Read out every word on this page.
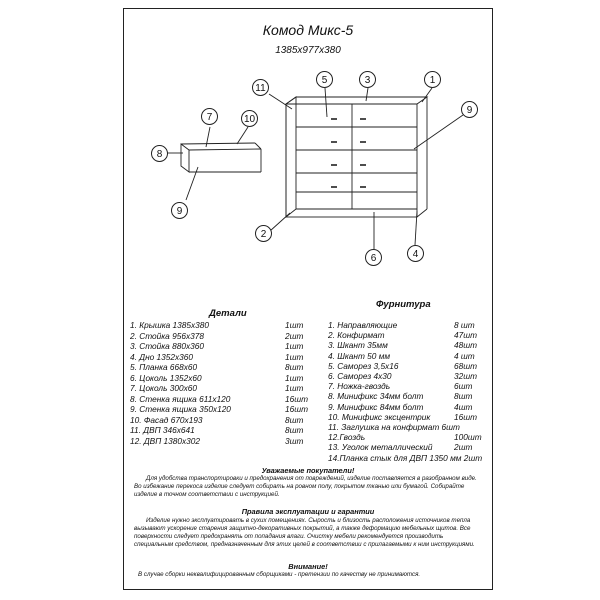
Комод Микс-5
1385х977х380
1
3
5
11
9
7	10
8
9
2
6	4
Детали
1. Крышка 1385х380	1шт
2. Стойка 956х378	2шт
3. Стойка 880х360	1шт
4. Дно 1352х360	1шт
5. Планка 668х60	8шт
6. Цоколь 1352х60	1шт
7. Цоколь 300х60	1шт
8. Стенка ящика 611х120	16шт
9. Стенка ящика 350х120	16шт
10. Фасад 670х193	8шт
11. ДВП 346х641	8шт
12. ДВП 1380х302	3шт
Фурнитура
1. Направляющие	8 шт
2. Конфирмат	47шт
3. Шкант 35мм	48шт
4. Шкант 50 мм	4 шт
5. Саморез 3,5х16	68шт
6. Саморез 4х30	32шт
7. Ножка-гвоздь	6шт
8. Минификс 34мм болт	8шт
9. Минификс 84мм болт	4шт
10. Минификс эксцентрик	16шт
11. Заглушка на конфирмат 6шт
12.Гвоздь	100шт
13. Уголок металлический	2шт
14.Планка стык для ДВП 1350 мм 2шт
Уважаемые покупатели!
Для удобства транспортировки и предохранения от повреждений, изделие поставляется в разобранном виде. Во избежание перекоса изделие следует собирать на ровном полу, покрытом тканью или бумагой. Собирайте изделие в точном соответствии с инструкцией.
Правила эксплуатации и гарантии
Изделие нужно эксплуатировать в сухих помещениях. Сырость и близость расположения источников тепла вызывают ускорение старения защитно-декоративных покрытий, а также деформацию мебельных щитов. Все поверхности следует предохранять от попадания влаги. Очистку мебели рекомендуется производить специальным средством, предназначенным для этих целей в соответствии с прилагаемыми к ним инструкциями.
Внимание!
В случае сборки неквалифицированным сборщиками - претензии по качеству не принимаются.
